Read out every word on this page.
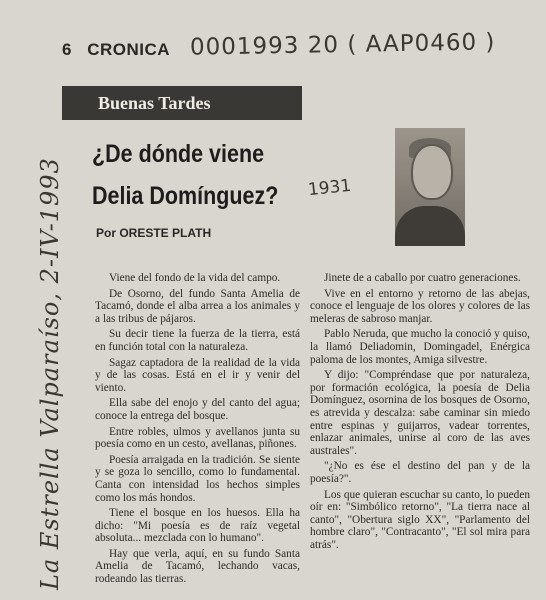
6 CRONICA 0001993 20 ( AAP0460 )
Buenas Tardes
¿De dónde viene
Delia Domínguez? 1931
Por ORESTE PLATH
La Estrella Valparaíso, 2-IV-1993	Viene del fondo de la vida del campo.

De Osorno, del fundo Santa Amelia de Tacamó, donde el alba arrea a los animales y a las tribus de pájaros.

Su decir tiene la fuerza de la tierra, está en función total con la naturaleza.

Sagaz captadora de la realidad de la vida y de las cosas. Está en el ir y venir del viento.

Ella sabe del enojo y del canto del agua; conoce la entrega del bosque.

Entre robles, ulmos y avellanos junta su poesía como en un cesto, avellanas, piñones.

Poesía arraigada en la tradición. Se siente y se goza lo sencillo, como lo fundamental. Canta con intensidad los hechos simples como los más hondos.

Tiene el bosque en los huesos. Ella ha dicho: "Mi poesía es de raíz vegetal absoluta... mezclada con lo humano".

Hay que verla, aquí, en su fundo Santa Amelia de Tacamó, lechando vacas, rodeando las tierras.

Jinete de a caballo por cuatro generaciones.

Vive en el entorno y retorno de las abejas, conoce el lenguaje de los olores y colores de las meleras de sabroso manjar.

Pablo Neruda, que mucho la conoció y quiso, la llamó Deliadomin, Domingadel, Enérgica paloma de los montes, Amiga silvestre.

Y dijo: "Compréndase que por naturaleza, por formación ecológica, la poesía de Delia Domínguez, osornina de los bosques de Osorno, es atrevida y descalza: sabe caminar sin miedo entre espinas y guijarros, vadear torrentes, enlazar animales, unirse al coro de las aves australes".

"¿No es ése el destino del pan y de la poesía?".

Los que quieran escuchar su canto, lo pueden oír en: "Simbólico retorno", "La tierra nace al canto", "Obertura siglo XX", "Parlamento del hombre claro", "Contracanto", "El sol mira para atrás".
